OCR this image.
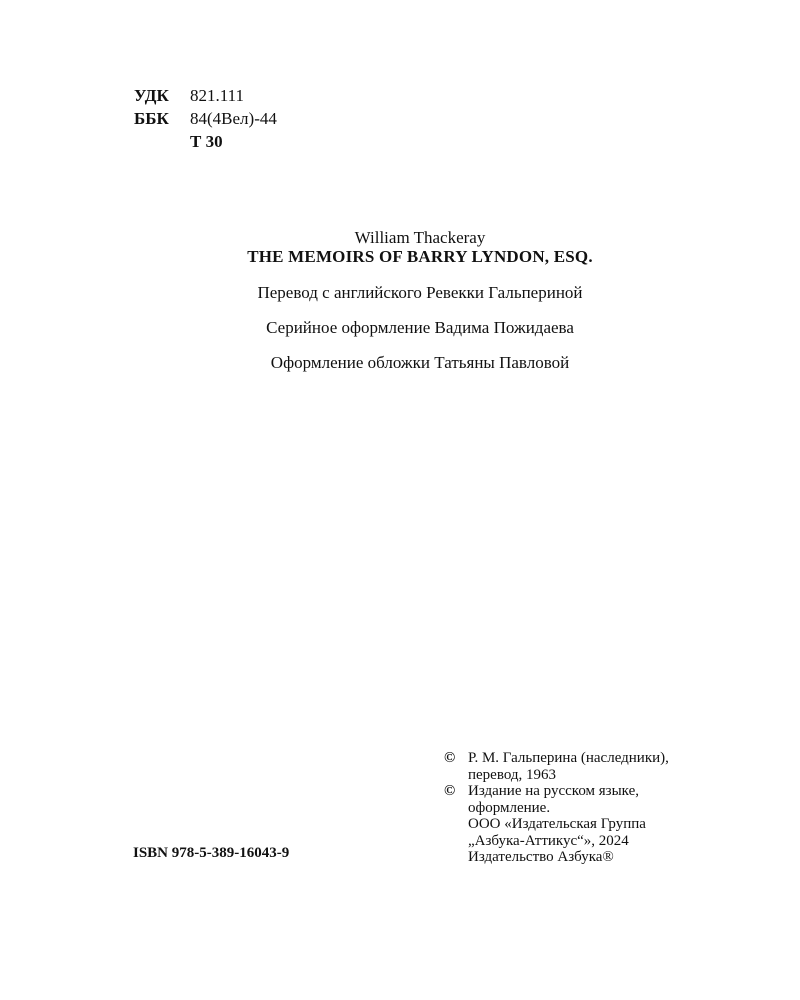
УДК	821.111
ББК	84(4Вел)-44
Т 30
William Thackeray
THE MEMOIRS OF BARRY LYNDON, ESQ.
Перевод с английского Ревекки Гальпериной
Серийное оформление Вадима Пожидаева
Оформление обложки Татьяны Павловой
ISBN 978-5-389-16043-9
© Р. М. Гальперина (наследники),
перевод, 1963
© Издание на русском языке,
оформление.
ООО «Издательская Группа
„Азбука-Аттикус“», 2024
Издательство Азбука®
